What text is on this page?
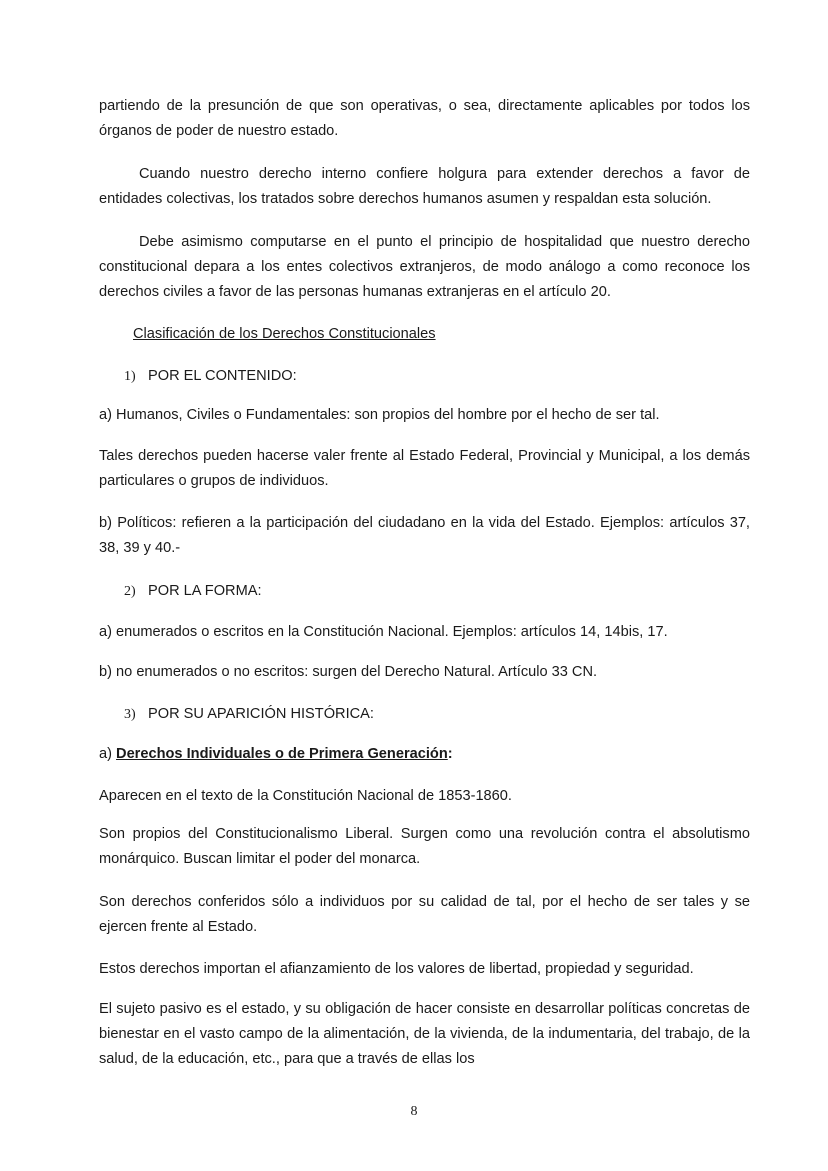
partiendo de la presunción de que son operativas, o sea, directamente aplicables por todos los órganos de poder de nuestro estado.

Cuando nuestro derecho interno confiere holgura para extender derechos a favor de entidades colectivas, los tratados sobre derechos humanos asumen y respaldan esta solución.

Debe asimismo computarse en el punto el principio de hospitalidad que nuestro derecho constitucional depara a los entes colectivos extranjeros, de modo análogo a como reconoce los derechos civiles a favor de las personas humanas extranjeras en el artículo 20.

Clasificación de los Derechos Constitucionales
1) POR EL CONTENIDO:

a) Humanos, Civiles o Fundamentales: son propios del hombre por el hecho de ser tal.

Tales derechos pueden hacerse valer frente al Estado Federal, Provincial y Municipal, a los demás particulares o grupos de individuos.

b) Políticos: refieren a la participación del ciudadano en la vida del Estado. Ejemplos: artículos 37, 38, 39 y 40.-

2) POR LA FORMA:

a) enumerados o escritos en la Constitución Nacional. Ejemplos: artículos 14, 14bis, 17.

b) no enumerados o no escritos: surgen del Derecho Natural. Artículo 33 CN.

3) POR SU APARICIÓN HISTÓRICA:

a) Derechos Individuales o de Primera Generación:

Aparecen en el texto de la Constitución Nacional de 1853-1860.

Son propios del Constitucionalismo Liberal. Surgen como una revolución contra el absolutismo monárquico. Buscan limitar el poder del monarca.

Son derechos conferidos sólo a individuos por su calidad de tal, por el hecho de ser tales y se ejercen frente al Estado.

Estos derechos importan el afianzamiento de los valores de libertad, propiedad y seguridad.

El sujeto pasivo es el estado, y su obligación de hacer consiste en desarrollar políticas concretas de bienestar en el vasto campo de la alimentación, de la vivienda, de la indumentaria, del trabajo, de la salud, de la educación, etc., para que a través de ellas los

8
